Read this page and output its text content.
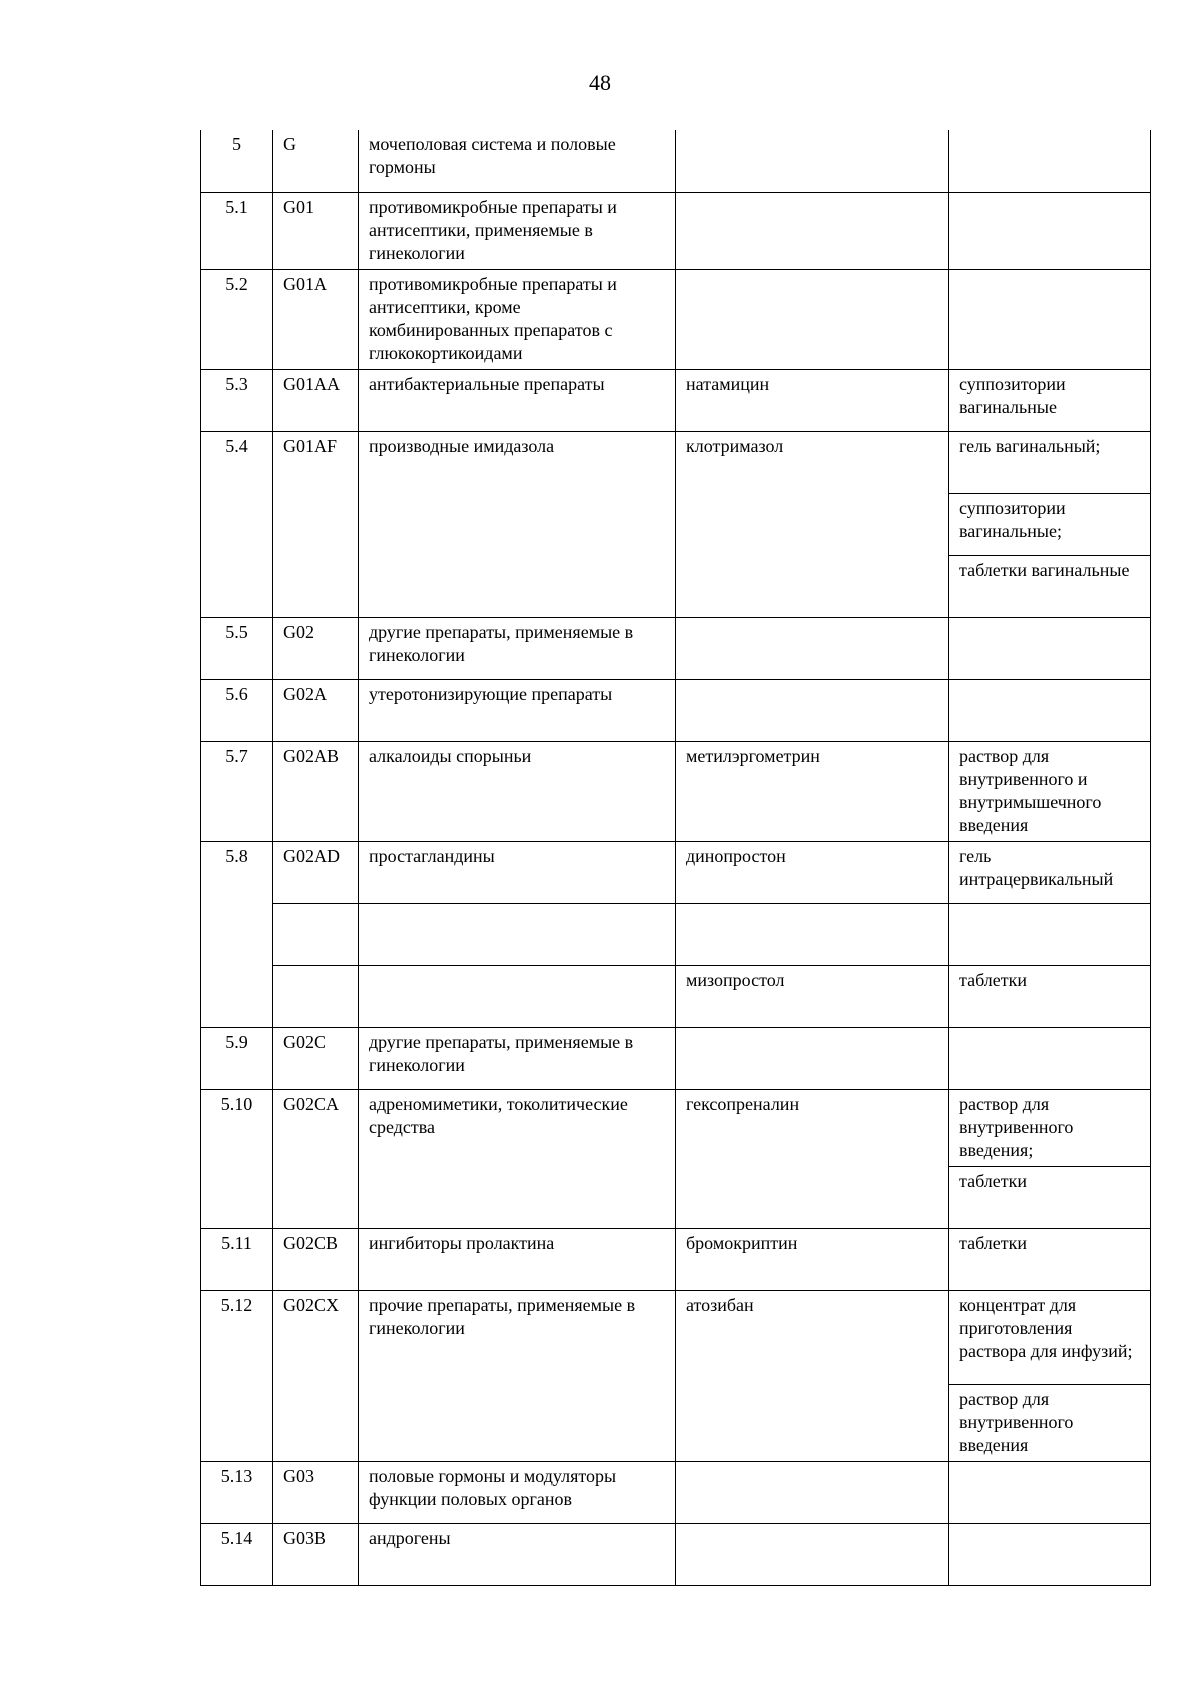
48
5	G	мочеполовая система и половые гормоны		
5.1	G01	противомикробные препараты и антисептики, применяемые в гинекологии		
5.2	G01A	противомикробные препараты и антисептики, кроме комбинированных препаратов с глюкокортикоидами		
5.3	G01AA	антибактериальные препараты	натамицин	суппозитории вагинальные
5.4	G01AF	производные имидазола	клотримазол	гель вагинальный;
				суппозитории вагинальные;
				таблетки вагинальные
5.5	G02	другие препараты, применяемые в гинекологии		
5.6	G02A	утеротонизирующие препараты		
5.7	G02AB	алкалоиды спорыньи	метилэргометрин	раствор для внутривенного и внутримышечного введения
5.8	G02AD	простагландины	динопростон	гель интрацервикальный

			мизопростол	таблетки
5.9	G02C	другие препараты, применяемые в гинекологии		
5.10	G02CA	адреномиметики, токолитические средства	гексопреналин	раствор для внутривенного введения;
				таблетки
5.11	G02CB	ингибиторы пролактина	бромокриптин	таблетки
5.12	G02CX	прочие препараты, применяемые в гинекологии	атозибан	концентрат для приготовления раствора для инфузий;
				раствор для внутривенного введения
5.13	G03	половые гормоны и модуляторы функции половых органов		
5.14	G03B	андрогены		
